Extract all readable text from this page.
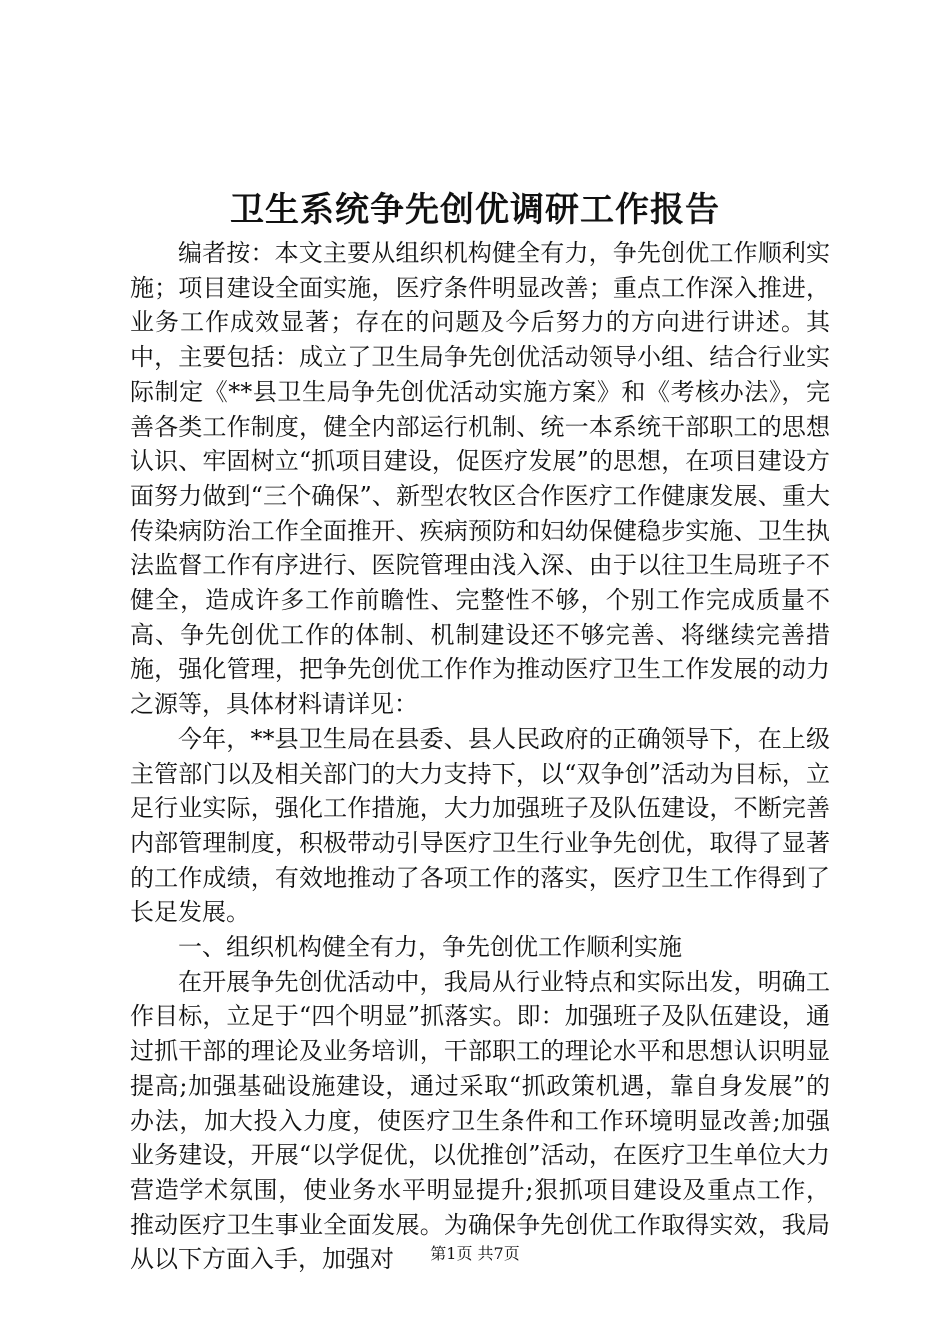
卫生系统争先创优调研工作报告

编者按：本文主要从组织机构健全有力，争先创优工作顺利实施；项目建设全面实施，医疗条件明显改善；重点工作深入推进，业务工作成效显著；存在的问题及今后努力的方向进行讲述。其中，主要包括：成立了卫生局争先创优活动领导小组、结合行业实际制定《**县卫生局争先创优活动实施方案》和《考核办法》，完善各类工作制度，健全内部运行机制、统一本系统干部职工的思想认识、牢固树立“抓项目建设，促医疗发展”的思想，在项目建设方面努力做到“三个确保”、新型农牧区合作医疗工作健康发展、重大传染病防治工作全面推开、疾病预防和妇幼保健稳步实施、卫生执法监督工作有序进行、医院管理由浅入深、由于以往卫生局班子不健全，造成许多工作前瞻性、完整性不够，个别工作完成质量不高、争先创优工作的体制、机制建设还不够完善、将继续完善措施，强化管理，把争先创优工作作为推动医疗卫生工作发展的动力之源等，具体材料请详见：

今年，**县卫生局在县委、县人民政府的正确领导下，在上级主管部门以及相关部门的大力支持下，以“双争创”活动为目标，立足行业实际，强化工作措施，大力加强班子及队伍建设，不断完善内部管理制度，积极带动引导医疗卫生行业争先创优，取得了显著的工作成绩，有效地推动了各项工作的落实，医疗卫生工作得到了长足发展。

一、组织机构健全有力，争先创优工作顺利实施

在开展争先创优活动中，我局从行业特点和实际出发，明确工作目标，立足于“四个明显”抓落实。即：加强班子及队伍建设，通过抓干部的理论及业务培训，干部职工的理论水平和思想认识明显提高;加强基础设施建设，通过采取“抓政策机遇，靠自身发展”的办法，加大投入力度，使医疗卫生条件和工作环境明显改善;加强业务建设，开展“以学促优，以优推创”活动，在医疗卫生单位大力营造学术氛围，使业务水平明显提升;狠抓项目建设及重点工作，推动医疗卫生事业全面发展。为确保争先创优工作取得实效，我局从以下方面入手，加强对	第1页 共7页
